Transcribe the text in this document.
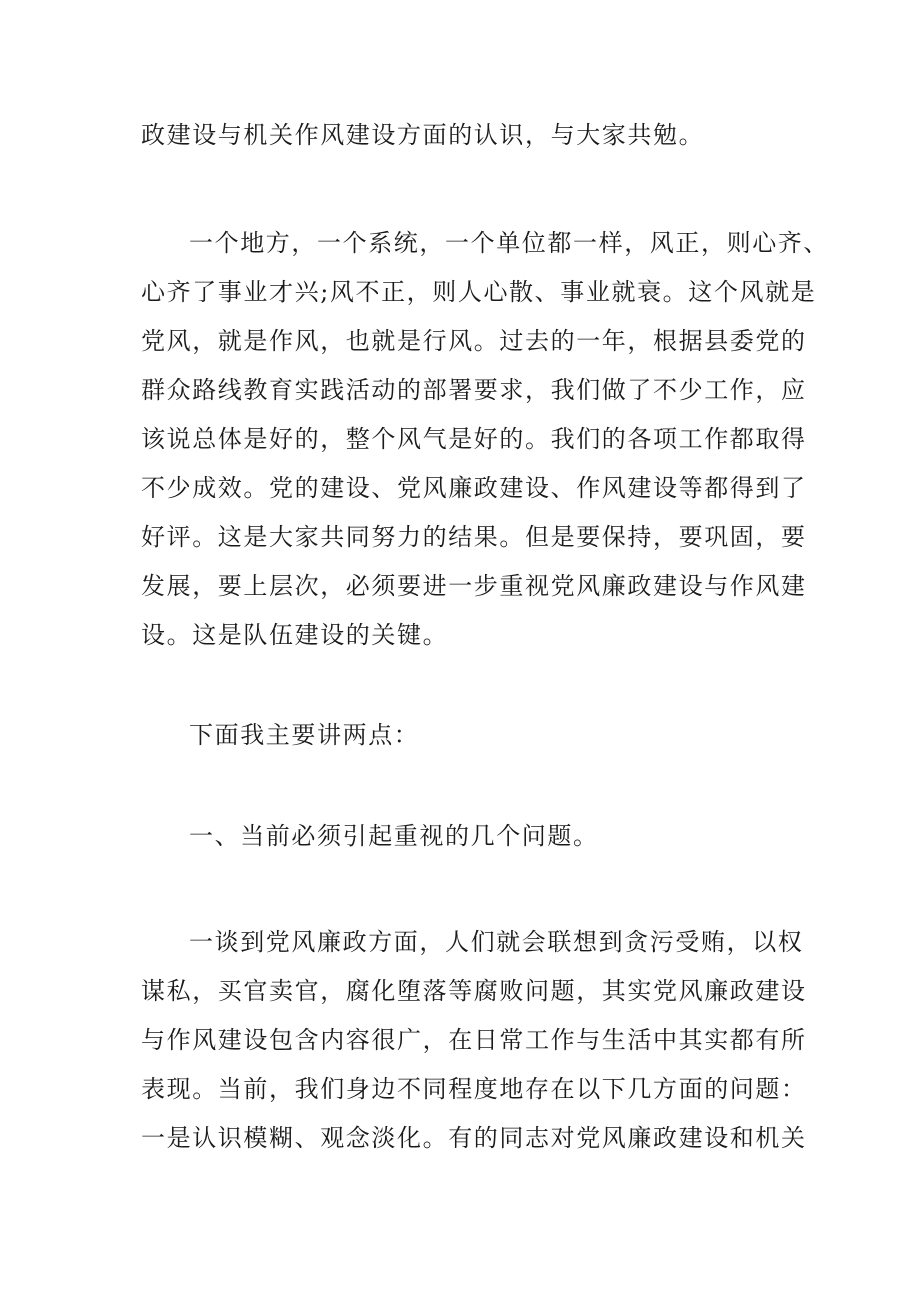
政建设与机关作风建设方面的认识，与大家共勉。

一个地方，一个系统，一个单位都一样，风正，则心齐、
心齐了事业才兴;风不正，则人心散、事业就衰。这个风就是
党风，就是作风，也就是行风。过去的一年，根据县委党的
群众路线教育实践活动的部署要求，我们做了不少工作，应
该说总体是好的，整个风气是好的。我们的各项工作都取得
不少成效。党的建设、党风廉政建设、作风建设等都得到了
好评。这是大家共同努力的结果。但是要保持，要巩固，要
发展，要上层次，必须要进一步重视党风廉政建设与作风建
设。这是队伍建设的关键。

下面我主要讲两点：

一、当前必须引起重视的几个问题。

一谈到党风廉政方面，人们就会联想到贪污受贿，以权
谋私，买官卖官，腐化堕落等腐败问题，其实党风廉政建设
与作风建设包含内容很广，在日常工作与生活中其实都有所
表现。当前，我们身边不同程度地存在以下几方面的问题：
一是认识模糊、观念淡化。有的同志对党风廉政建设和机关
